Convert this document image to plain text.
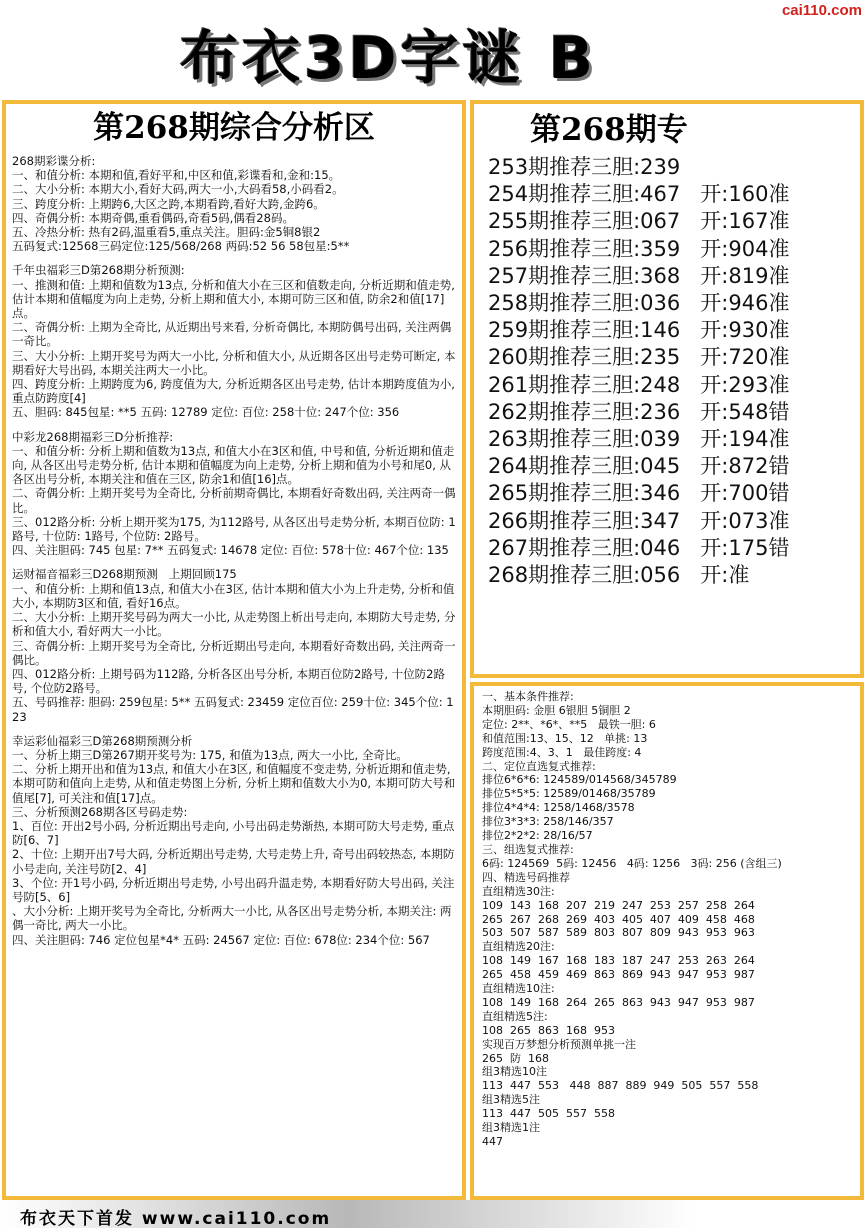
cai110.com
布衣3D字谜 B
第268期综合分析区
268期彩谍分析:
一、和值分析: 本期和值,看好平和,中区和值,彩谍看和,金和:15。
二、大小分析: 本期大小,看好大码,两大一小,大码看58,小码看2。
三、跨度分析: 上期跨6,大区之跨,本期看跨,看好大跨,金跨6。
四、奇偶分析: 本期奇偶,重看偶码,奇看5码,偶看28码。
五、冷热分析: 热有2码,温重看5,重点关注。胆码:金5铜8银2
五码复式:12568三码定位:125/568/268 两码:52 56 58包星:5**
千年虫福彩三D第268期分析预测:
一、推测和值: 上期和值数为13点, 分析和值大小在三区和值数走向, 分析近期和值走势, 估计本期和值幅度为向上走势, 分析上期和值大小, 本期可防三区和值, 防余2和值[17]点。
二、奇偶分析: 上期为全奇比, 从近期出号来看, 分析奇偶比, 本期防偶号出码, 关注两偶一奇比。
三、大小分析: 上期开奖号为两大一小比, 分析和值大小, 从近期各区出号走势可断定, 本期看好大号出码, 本期关注两大一小比。
四、跨度分析: 上期跨度为6, 跨度值为大, 分析近期各区出号走势, 估计本期跨度值为小, 重点防跨度[4]
五、胆码: 845包星: **5 五码: 12789 定位: 百位: 258十位: 247个位: 356
中彩龙268期福彩三D分析推荐:
一、和值分析: 分析上期和值数为13点, 和值大小在3区和值, 中号和值, 分析近期和值走向, 从各区出号走势分析, 估计本期和值幅度为向上走势, 分析上期和值为小号和尾0, 从各区出号分析, 本期关注和值在三区, 防余1和值[16]点。
二、奇偶分析: 上期开奖号为全奇比, 分析前期奇偶比, 本期看好奇数出码, 关注两奇一偶比。
三、012路分析: 分析上期开奖为175, 为112路号, 从各区出号走势分析, 本期百位防: 1路号, 十位防: 1路号, 个位防: 2路号。
四、关注胆码: 745 包星: 7** 五码复式: 14678 定位: 百位: 578十位: 467个位: 135
运财福音福彩三D268期预测   上期回顾175
一、和值分析: 上期和值13点, 和值大小在3区, 估计本期和值大小为上升走势, 分析和值大小, 本期防3区和值, 看好16点。
二、大小分析: 上期开奖号码为两大一小比, 从走势图上析出号走向, 本期防大号走势, 分析和值大小, 看好两大一小比。
三、奇偶分析: 上期开奖号为全奇比, 分析近期出号走向, 本期看好奇数出码, 关注两奇一偶比。
四、012路分析: 上期号码为112路, 分析各区出号分析, 本期百位防2路号, 十位防2路号, 个位防2路号。
五、号码推荐: 胆码: 259包星: 5** 五码复式: 23459 定位百位: 259十位: 345个位: 123
幸运彩仙福彩三D第268期预测分析
一、分析上期三D第267期开奖号为: 175, 和值为13点, 两大一小比, 全奇比。
二、分析上期开出和值为13点, 和值大小在3区, 和值幅度不变走势, 分析近期和值走势, 本期可防和值向上走势, 从和值走势图上分析, 分析上期和值数大小为0, 本期可防大号和值尾[7], 可关注和值[17]点。
三、分析预测268期各区号码走势:
1、百位: 开出2号小码, 分析近期出号走向, 小号出码走势渐热, 本期可防大号走势, 重点防[6、7]
2、十位: 上期开出7号大码, 分析近期出号走势, 大号走势上升, 奇号出码较热态, 本期防小号走向, 关注号防[2、4]
3、个位: 开1号小码, 分析近期出号走势, 小号出码升温走势, 本期看好防大号出码, 关注号防[5、6]
、大小分析: 上期开奖号为全奇比, 分析两大一小比, 从各区出号走势分析, 本期关注: 两偶一奇比, 两大一小比。
四、关注胆码: 746 定位包星*4* 五码: 24567 定位: 百位: 678位: 234个位: 567
第268期专
253期推荐三胆:239
254期推荐三胆:467   开:160准
255期推荐三胆:067   开:167准
256期推荐三胆:359   开:904准
257期推荐三胆:368   开:819准
258期推荐三胆:036   开:946准
259期推荐三胆:146   开:930准
260期推荐三胆:235   开:720准
261期推荐三胆:248   开:293准
262期推荐三胆:236   开:548错
263期推荐三胆:039   开:194准
264期推荐三胆:045   开:872错
265期推荐三胆:346   开:700错
266期推荐三胆:347   开:073准
267期推荐三胆:046   开:175错
268期推荐三胆:056   开:准
一、基本条件推荐:
本期胆码: 金胆 6银胆 5铜胆 2
定位: 2**、*6*、**5   最铁一胆: 6
和值范围:13、15、12   单挑: 13
跨度范围:4、3、1   最佳跨度: 4
二、定位直选复式推荐:
排位6*6*6: 124589/014568/345789
排位5*5*5: 12589/01468/35789
排位4*4*4: 1258/1468/3578
排位3*3*3: 258/146/357
排位2*2*2: 28/16/57
三、组选复式推荐:
6码: 124569  5码: 12456   4码: 1256   3码: 256 (含组三)
四、精选号码推荐
直组精选30注:
109  143  168  207  219  247  253  257  258  264
265  267  268  269  403  405  407  409  458  468
503  507  587  589  803  807  809  943  953  963
直组精选20注:
108  149  167  168  183  187  247  253  263  264
265  458  459  469  863  869  943  947  953  987
直组精选10注:
108  149  168  264  265  863  943  947  953  987
直组精选5注:
108  265  863  168  953
实现百万梦想分析预测单挑一注
265  防  168
组3精选10注
113  447  553   448  887  889  949  505  557  558
组3精选5注
113  447  505  557  558
组3精选1注
447
布衣天下首发 www.cai110.com
